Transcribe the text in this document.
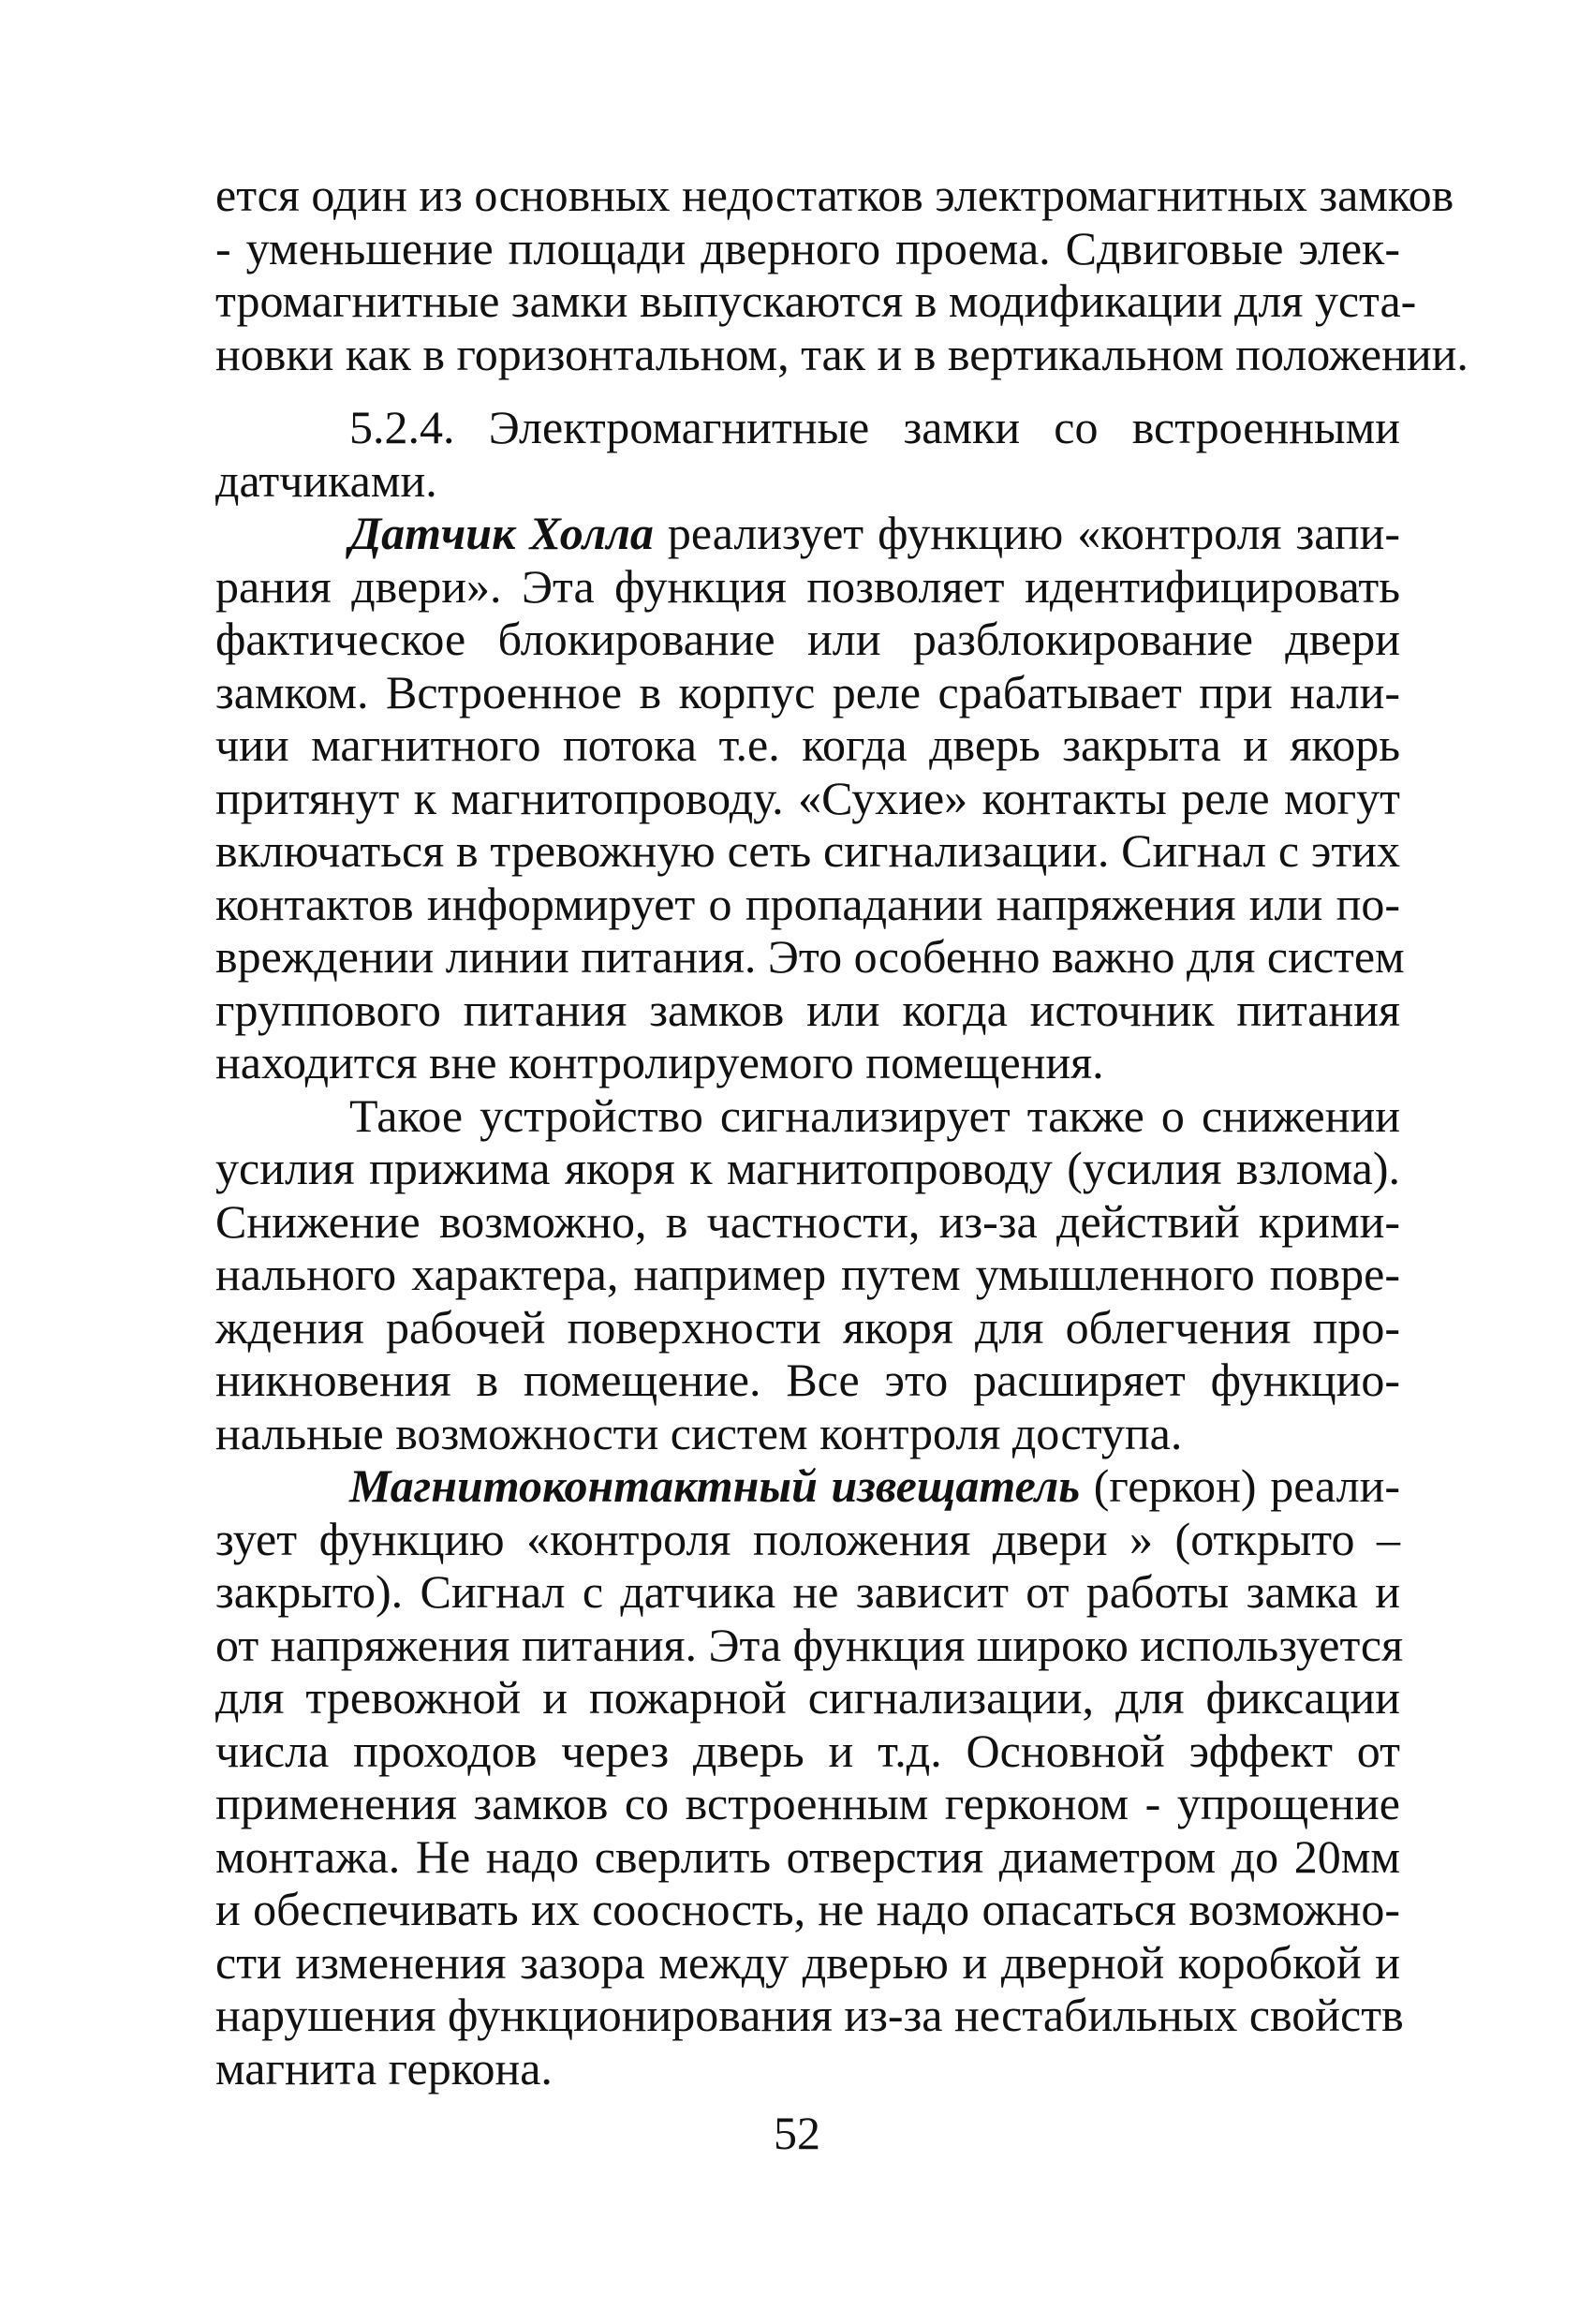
ется один из основных недостатков электромагнитных замков
- уменьшение площади дверного проема. Сдвиговые элек-
тромагнитные замки выпускаются в модификации для уста-
новки как в горизонтальном, так и в вертикальном положении.

5.2.4. Электромагнитные замки со встроенными
датчиками.

Датчик Холла реализует функцию «контроля запи-
рания двери». Эта функция позволяет идентифицировать
фактическое блокирование или разблокирование двери
замком. Встроенное в корпус реле срабатывает при нали-
чии магнитного потока т.е. когда дверь закрыта и якорь
притянут к магнитопроводу. «Сухие» контакты реле могут
включаться в тревожную сеть сигнализации. Сигнал с этих
контактов информирует о пропадании напряжения или по-
вреждении линии питания. Это особенно важно для систем
группового питания замков или когда источник питания
находится вне контролируемого помещения.

Такое устройство сигнализирует также о снижении
усилия прижима якоря к магнитопроводу (усилия взлома).
Снижение возможно, в частности, из-за действий крими-
нального характера, например путем умышленного повре-
ждения рабочей поверхности якоря для облегчения про-
никновения в помещение. Все это расширяет функцио-
нальные возможности систем контроля доступа.

Магнитоконтактный извещатель (геркон) реали-
зует функцию «контроля положения двери » (открыто –
закрыто). Сигнал с датчика не зависит от работы замка и
от напряжения питания. Эта функция широко используется
для тревожной и пожарной сигнализации, для фиксации
числа проходов через дверь и т.д. Основной эффект от
применения замков со встроенным герконом - упрощение
монтажа. Не надо сверлить отверстия диаметром до 20мм
и обеспечивать их соосность, не надо опасаться возможно-
сти изменения зазора между дверью и дверной коробкой и
нарушения функционирования из-за нестабильных свойств
магнита геркона.

52
